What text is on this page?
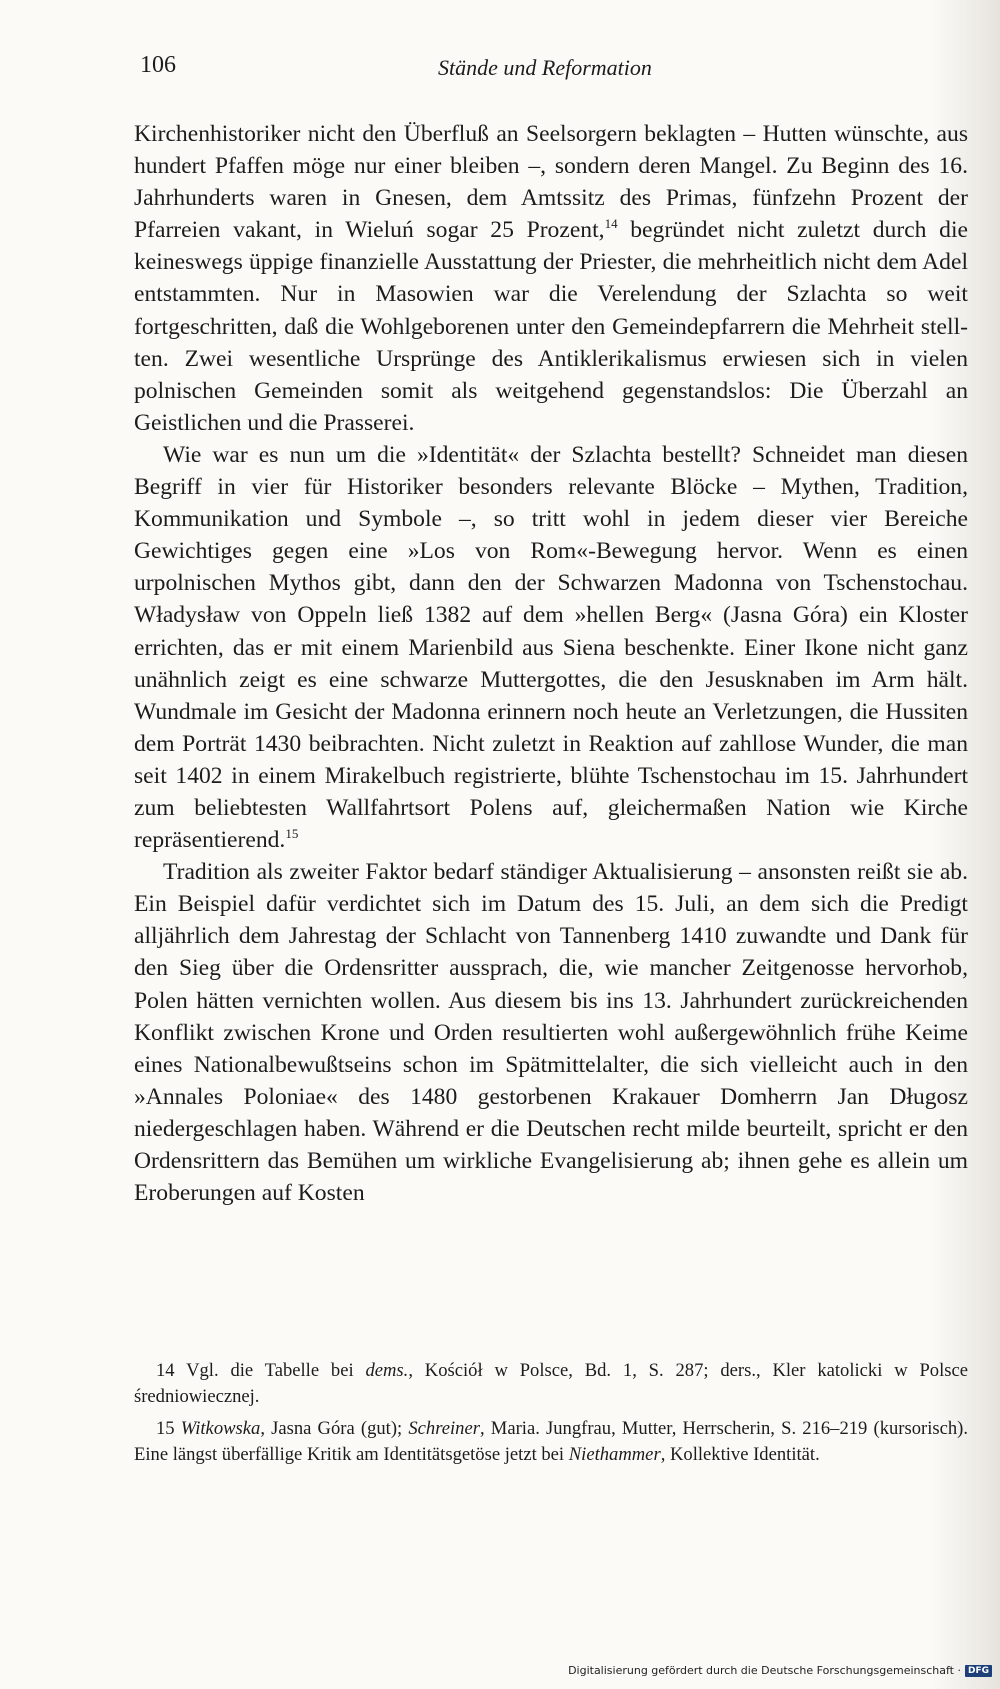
106	Stände und Reformation

Kirchenhistoriker nicht den Überfluß an Seelsorgern beklagten – Hutten wünschte, aus hundert Pfaffen möge nur einer bleiben –, sondern deren Mangel. Zu Beginn des 16. Jahrhunderts waren in Gnesen, dem Amtssitz des Primas, fünfzehn Prozent der Pfarreien vakant, in Wieluń sogar 25 Prozent,$^{14}$ begründet nicht zuletzt durch die keineswegs üppige finanzielle Ausstattung der Priester, die mehrheitlich nicht dem Adel entstammten. Nur in Masowien war die Verelendung der Szlachta so weit fortgeschritten, daß die Wohlgeborenen unter den Gemeindepfarrern die Mehrheit stellten. Zwei wesentliche Ursprünge des Antiklerikalismus erwiesen sich in vielen polnischen Gemeinden somit als weitgehend gegenstandslos: Die Überzahl an Geistlichen und die Prasserei.

Wie war es nun um die »Identität« der Szlachta bestellt? Schneidet man diesen Begriff in vier für Historiker besonders relevante Blöcke – Mythen, Tradition, Kommunikation und Symbole –, so tritt wohl in jedem dieser vier Bereiche Gewichtiges gegen eine »Los von Rom«-Bewegung hervor. Wenn es einen urpolnischen Mythos gibt, dann den der Schwarzen Madonna von Tschenstochau. Władysław von Oppeln ließ 1382 auf dem »hellen Berg« (Jasna Góra) ein Kloster errichten, das er mit einem Marienbild aus Siena beschenkte. Einer Ikone nicht ganz unähnlich zeigt es eine schwarze Muttergottes, die den Jesusknaben im Arm hält. Wundmale im Gesicht der Madonna erinnern noch heute an Verletzungen, die Hussiten dem Porträt 1430 beibrachten. Nicht zuletzt in Reaktion auf zahllose Wunder, die man seit 1402 in einem Mirakelbuch registrierte, blühte Tschenstochau im 15. Jahrhundert zum beliebtesten Wallfahrtsort Polens auf, gleichermaßen Nation wie Kirche repräsentierend.$^{15}$

Tradition als zweiter Faktor bedarf ständiger Aktualisierung – ansonsten reißt sie ab. Ein Beispiel dafür verdichtet sich im Datum des 15. Juli, an dem sich die Predigt alljährlich dem Jahrestag der Schlacht von Tannenberg 1410 zuwandte und Dank für den Sieg über die Ordensritter aussprach, die, wie mancher Zeitgenosse hervorhob, Polen hätten vernichten wollen. Aus diesem bis ins 13. Jahrhundert zurückreichenden Konflikt zwischen Krone und Orden resultierten wohl außergewöhnlich frühe Keime eines Nationalbewußtseins schon im Spätmittelalter, die sich vielleicht auch in den »Annales Poloniae« des 1480 gestorbenen Krakauer Domherrn Jan Długosz niedergeschlagen haben. Während er die Deutschen recht milde beurteilt, spricht er den Ordensrittern das Bemühen um wirkliche Evangelisierung ab; ihnen gehe es allein um Eroberungen auf Kosten

14 Vgl. die Tabelle bei dems., Kościół w Polsce, Bd. 1, S. 287; ders., Kler katolicki w Polsce średniowiecznej.

15 Witkowska, Jasna Góra (gut); Schreiner, Maria. Jungfrau, Mutter, Herrscherin, S. 216–219 (kursorisch). Eine längst überfällige Kritik am Identitätsgetöse jetzt bei Niethammer, Kollektive Identität.

Digitalisierung gefördert durch die Deutsche Forschungsgemeinschaft · DFG
